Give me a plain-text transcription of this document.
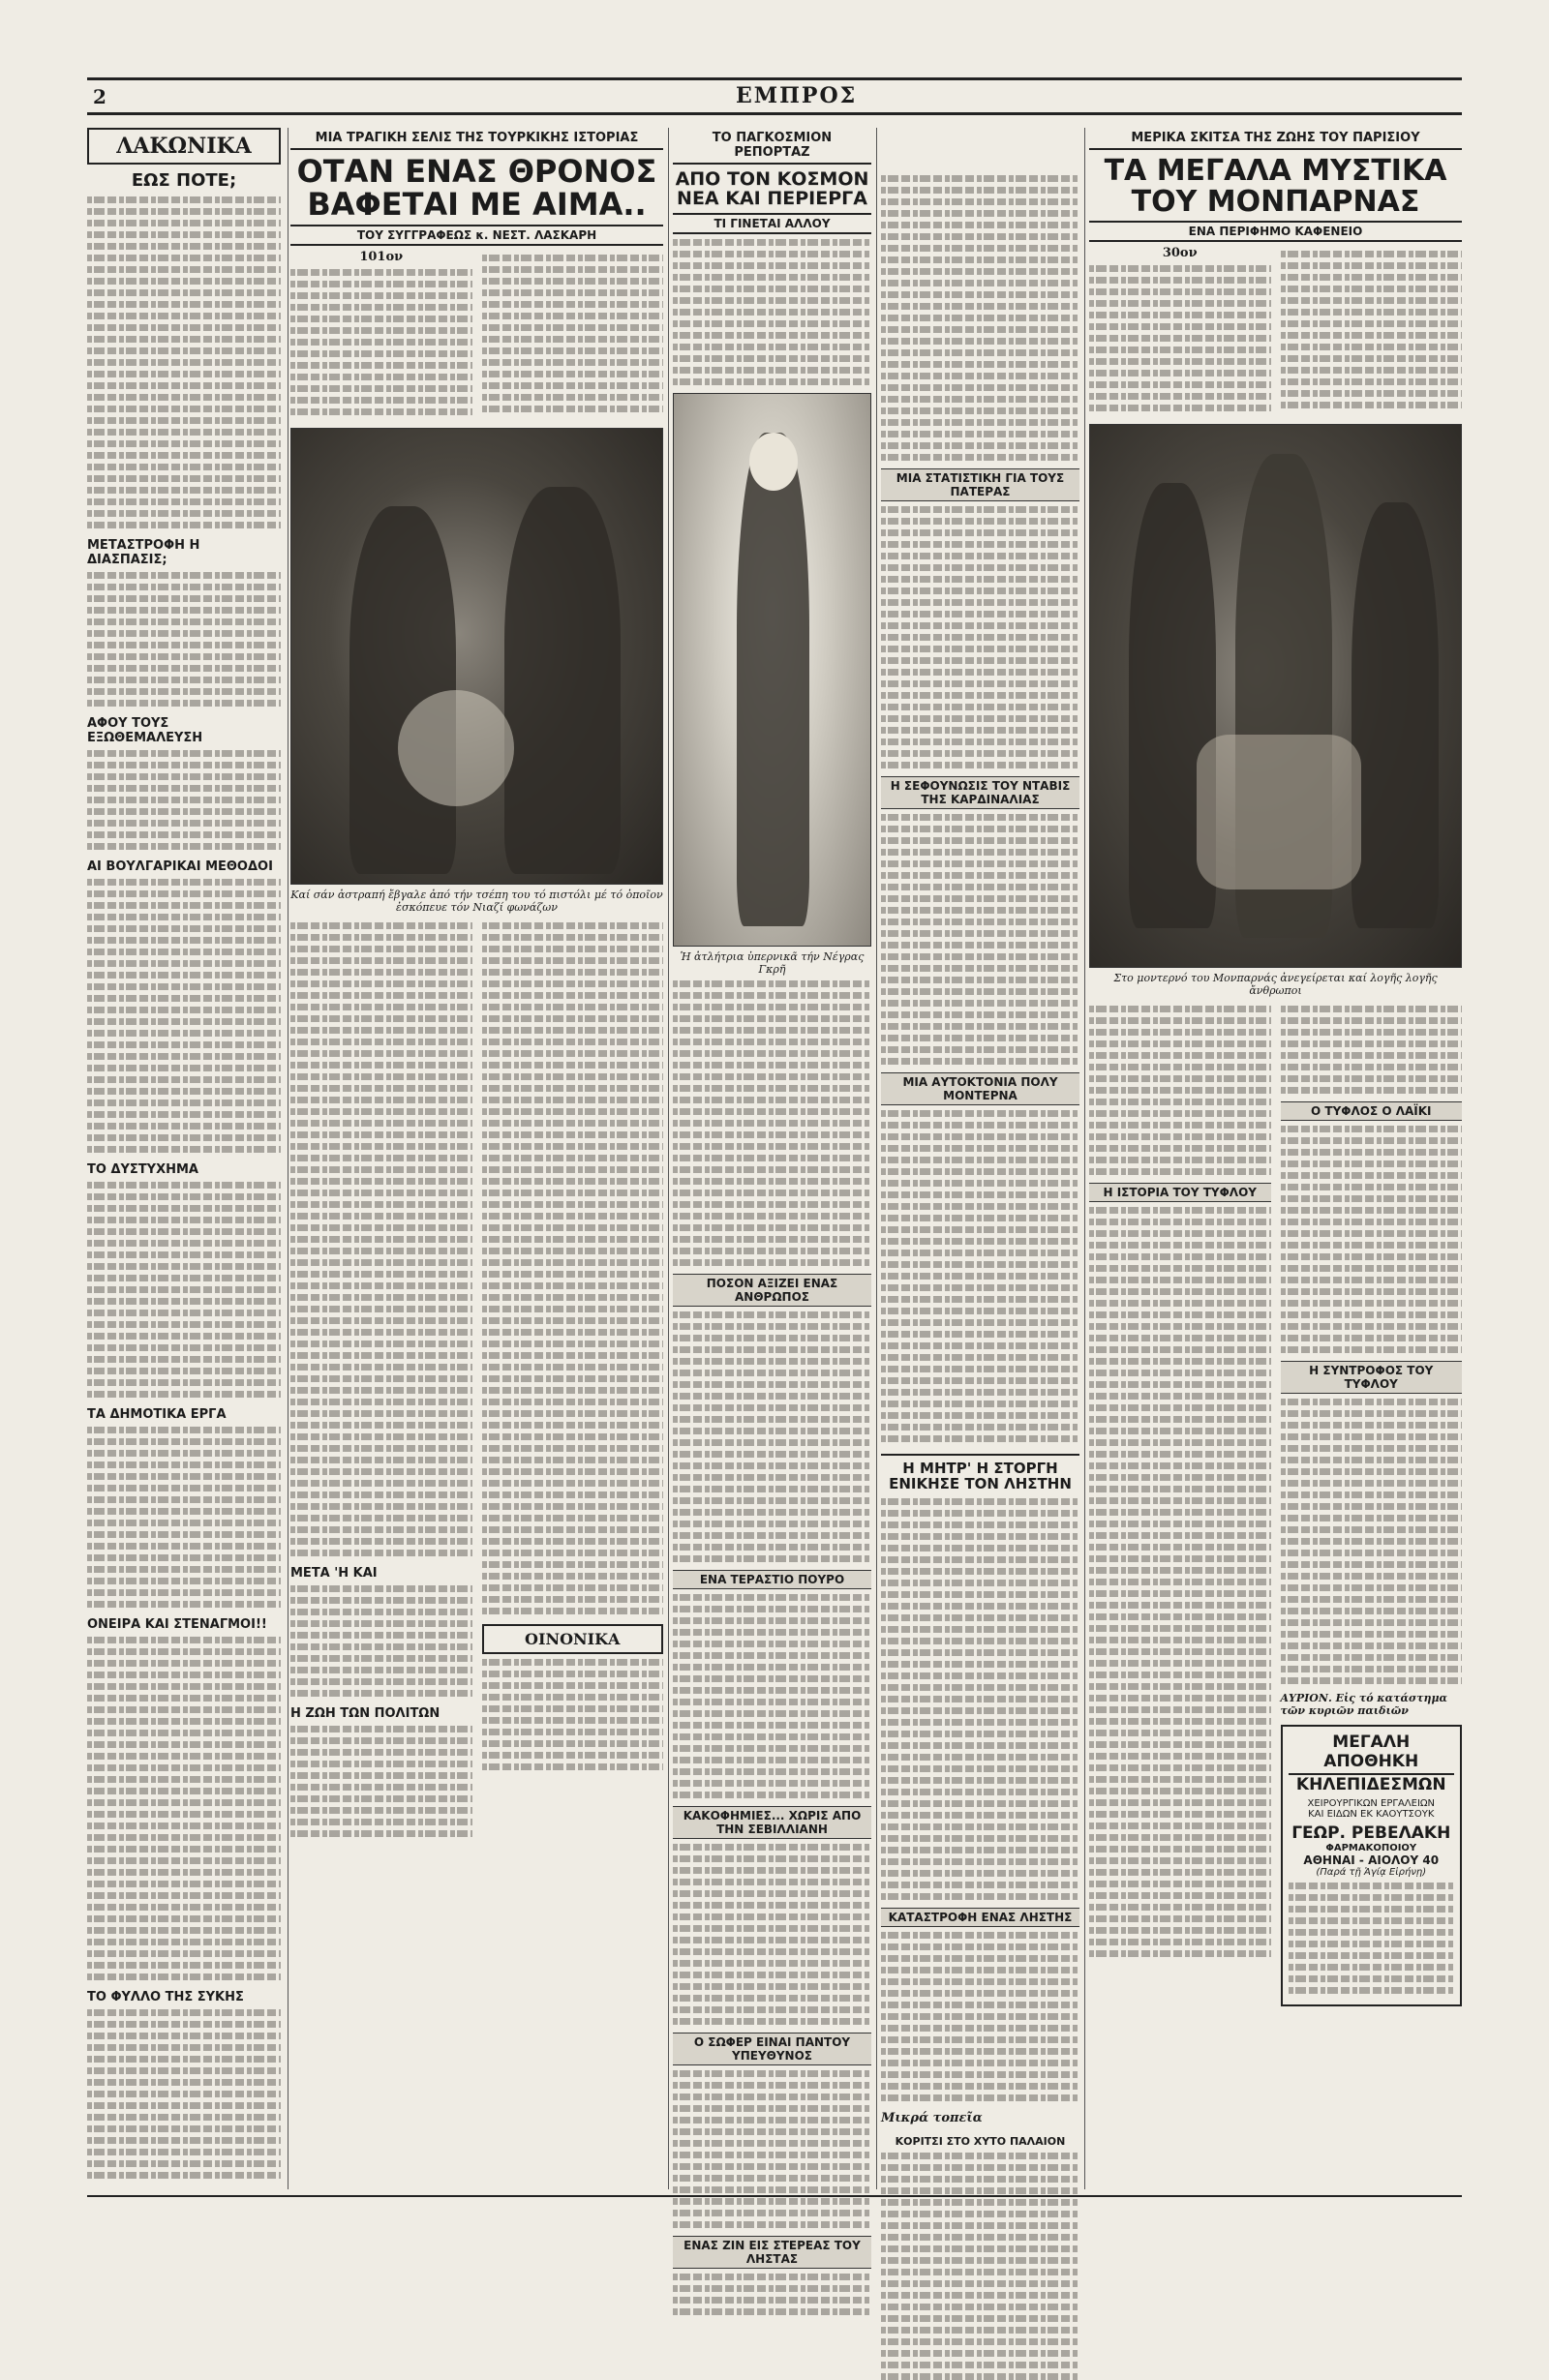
2	ΕΜΠΡΟΣ
ΛΑΚΩΝΙΚΑ
ΕΩΣ ΠΟΤΕ;
ΜΕΤΑΣΤΡΟΦΗ Η ΔΙΑΣΠΑΣΙΣ;
ΑΦΟΥ ΤΟΥΣ ΕΞΩΘΕΜΑΛΕΥΣΗ
ΑΙ ΒΟΥΛΓΑΡΙΚΑΙ ΜΕΘΟΔΟΙ
ΤΟ ΔΥΣΤΥΧΗΜΑ
ΤΑ ΔΗΜΟΤΙΚΑ ΕΡΓΑ
ΟΝΕΙΡΑ ΚΑΙ ΣΤΕΝΑΓΜΟΙ!!
ΤΟ ΦΥΛΛΟ ΤΗΣ ΣΥΚΗΣ
ΜΙΑ ΤΡΑΓΙΚΗ ΣΕΛΙΣ ΤΗΣ ΤΟΥΡΚΙΚΗΣ ΙΣΤΟΡΙΑΣ
ΟΤΑΝ ΕΝΑΣ ΘΡΟΝΟΣ
ΒΑΦΕΤΑΙ ΜΕ ΑΙΜΑ..
ΤΟΥ ΣΥΓΓΡΑΦΕΩΣ κ. ΝΕΣΤ. ΛΑΣΚΑΡΗ
101ον
Καί σάν ἀστραπή ἔβγαλε ἀπό τήν τσέπη του τό πιστόλι μέ τό ὁποῖον ἐσκόπευε τόν Νιαζί φωνάζων
ΜΕΤΑ 'Η ΚΑΙ
Η ΖΩΗ ΤΩΝ ΠΟΛΙΤΩΝ
ΟΙΝΟΝΙΚΑ
ΤΟ ΠΑΓΚΟΣΜΙΟΝ ΡΕΠΟΡΤΑΖ
ΑΠΟ ΤΟΝ ΚΟΣΜΟΝ
ΝΕΑ ΚΑΙ ΠΕΡΙΕΡΓΑ
ΤΙ ΓΙΝΕΤΑΙ ΑΛΛΟΥ
Ἡ ἀτλήτρια ὑπερνικᾶ τήν Νέγρας Γκρῆ
ΠΟΣΟΝ ΑΞΙΖΕΙ ΕΝΑΣ ΑΝΘΡΩΠΟΣ
ΕΝΑ ΤΕΡΑΣΤΙΟ ΠΟΥΡΟ
ΚΑΚΟΦΗΜΙΕΣ... ΧΩΡΙΣ ΑΠΟ ΤΗΝ ΣΕΒΙΛΛΙΑΝΗ
Ο ΣΩΦΕΡ ΕΙΝΑΙ ΠΑΝΤΟΥ ΥΠΕΥΘΥΝΟΣ
ΕΝΑΣ ΖΙΝ ΕΙΣ ΣΤΕΡΕΑΣ ΤΟΥ ΛΗΣΤΑΣ
ΜΙΑ ΣΤΑΤΙΣΤΙΚΗ ΓΙΑ ΤΟΥΣ ΠΑΤΕΡΑΣ
Η ΣΕΦΟΥΝΩΣΙΣ ΤΟΥ ΝΤΑΒΙΣ ΤΗΣ ΚΑΡΔΙΝΑΛΙΑΣ
ΜΙΑ ΑΥΤΟΚΤΟΝΙΑ ΠΟΛΥ ΜΟΝΤΕΡΝΑ
Η ΜΗΤΡ' Η ΣΤΟΡΓΗ ΕΝΙΚΗΣΕ ΤΟΝ ΛΗΣΤΗΝ
ΚΑΤΑΣΤΡΟΦΗ ΕΝΑΣ ΛΗΣΤΗΣ
Μικρά τοπεῖα
ΚΟΡΙΤΣΙ ΣΤΟ ΧΥΤΟ ΠΑΛΑΙΟΝ
ΜΕΡΙΚΑ ΣΚΙΤΣΑ ΤΗΣ ΖΩΗΣ ΤΟΥ ΠΑΡΙΣΙΟΥ
ΤΑ ΜΕΓΑΛΑ ΜΥΣΤΙΚΑ
ΤΟΥ ΜΟΝΠΑΡΝΑΣ
ΕΝΑ ΠΕΡΙΦΗΜΟ ΚΑΦΕΝΕΙΟ
30ον
Στο μοντερνό του Μονπαρνάς ἀνεγείρεται καί λογῆς λογῆς ἄνθρωποι
Η ΙΣΤΟΡΙΑ ΤΟΥ ΤΥΦΛΟΥ
Ο ΤΥΦΛΟΣ Ο ΛΑΪΚΙ
Η ΣΥΝΤΡΟΦΟΣ ΤΟΥ ΤΥΦΛΟΥ
ΑΥΡΙΟΝ. Εἰς τό κατάστημα τῶν κυριῶν παιδιῶν
ΜΕΓΑΛΗ ΑΠΟΘΗΚΗ
ΚΗΛΕΠΙΔΕΣΜΩΝ
ΧΕΙΡΟΥΡΓΙΚΩΝ ΕΡΓΑΛΕΙΩΝ
ΚΑΙ ΕΙΔΩΝ ΕΚ ΚΑΟΥΤΣΟΥΚ
ΓΕΩΡ. ΡΕΒΕΛΑΚΗ
ΦΑΡΜΑΚΟΠΟΙΟΥ
ΑΘΗΝΑΙ - ΑΙΟΛΟΥ 40
(Παρά τῇ Ἁγίᾳ Εἰρήνῃ)
